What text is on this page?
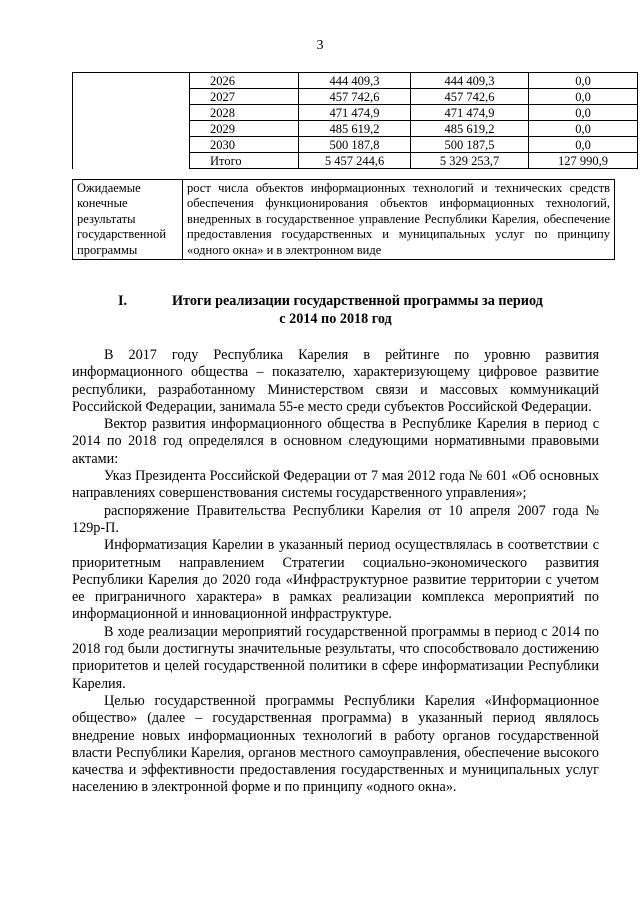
3
	2026	444 409,3	444 409,3	0,0
	2027	457 742,6	457 742,6	0,0
	2028	471 474,9	471 474,9	0,0
	2029	485 619,2	485 619,2	0,0
	2030	500 187,8	500 187,5	0,0
	Итого	5 457 244,6	5 329 253,7	127 990,9
Ожидаемые конечные результаты государственной программы	рост числа объектов информационных технологий и технических средств обеспечения функционирования объектов информационных технологий, внедренных в государственное управление Республики Карелия, обеспечение предоставления государственных и муниципальных услуг по принципу «одного окна» и в электронном виде
I.	Итоги реализации государственной программы за период
с 2014 по 2018 год

В 2017 году Республика Карелия в рейтинге по уровню развития информационного общества – показателю, характеризующему цифровое развитие республики, разработанному Министерством связи и массовых коммуникаций Российской Федерации, занимала 55-е место среди субъектов Российской Федерации.

Вектор развития информационного общества в Республике Карелия в период с 2014 по 2018 год определялся в основном следующими нормативными правовыми актами:

Указ Президента Российской Федерации от 7 мая 2012 года № 601 «Об основных направлениях совершенствования системы государственного управления»;

распоряжение Правительства Республики Карелия от 10 апреля 2007 года № 129р-П.

Информатизация Карелии в указанный период осуществлялась в соответствии с приоритетным направлением Стратегии социально-экономического развития Республики Карелия до 2020 года «Инфраструктурное развитие территории с учетом ее приграничного характера» в рамках реализации комплекса мероприятий по информационной и инновационной инфраструктуре.

В ходе реализации мероприятий государственной программы в период с 2014 по 2018 год были достигнуты значительные результаты, что способствовало достижению приоритетов и целей государственной политики в сфере информатизации Республики Карелия.

Целью государственной программы Республики Карелия «Информационное общество» (далее – государственная программа) в указанный период являлось внедрение новых информационных технологий в работу органов государственной власти Республики Карелия, органов местного самоуправления, обеспечение высокого качества и эффективности предоставления государственных и муниципальных услуг населению в электронной форме и по принципу «одного окна».
